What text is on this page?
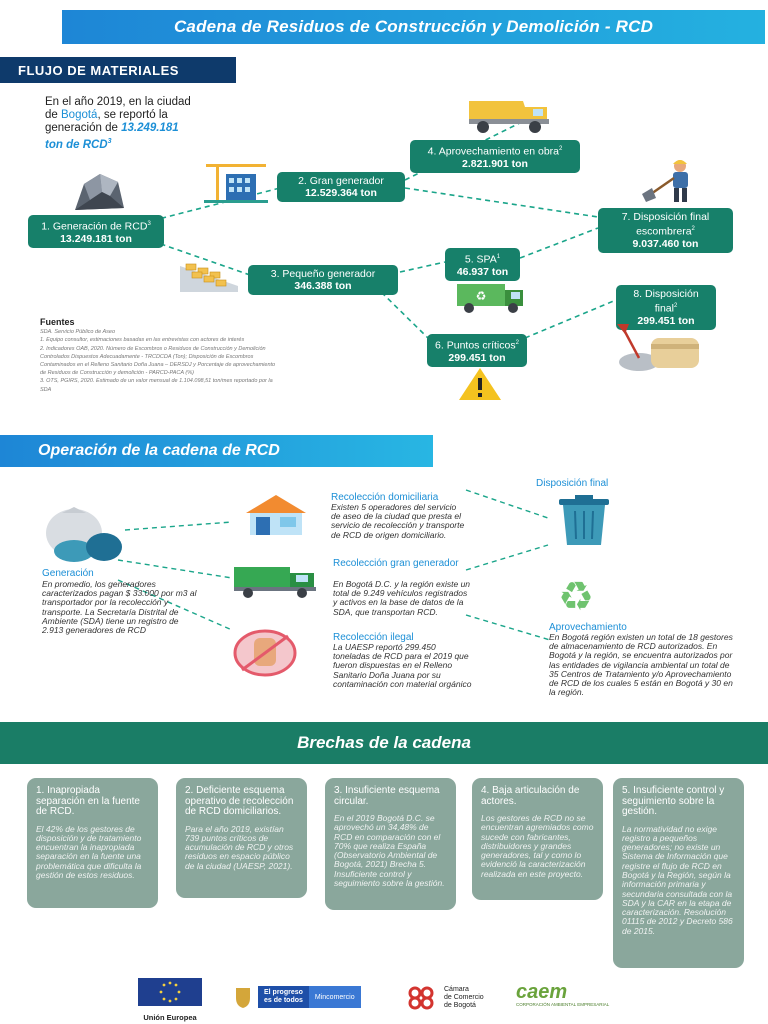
Cadena de Residuos de Construcción y Demolición - RCD
FLUJO DE MATERIALES
En el año 2019, en la ciudad de Bogotá, se reportó la generación de 13.249.181 ton de RCD$^3$
1. Generación de RCD$^3$
13.249.181 ton
2. Gran generador
12.529.364 ton
3. Pequeño generador
346.388 ton
4. Aprovechamiento en obra$^2$
2.821.901 ton
5. SPA$^1$
46.937 ton
6. Puntos críticos$^2$
299.451 ton
7. Disposición final escombrera$^2$
9.037.460 ton
8. Disposición final$^2$
299.451 ton
♻
Fuentes
SDA. Servicio Público de Aseo
1. Equipo consultor, estimaciones basadas en las entrevistas con actores de interés
2. Indicadores OAB, 2020. Número de Escombros o Residuos de Construcción y Demolición Controlados Dispuestos Adecuadamente - TRCDCDA (Ton); Disposición de Escombros Contaminados en el Relleno Sanitario Doña Juana – DERSDJ y Porcentaje de aprovechamiento de Residuos de Construcción y demolición - PARCD-PACA (%)
3. OTS, PGIRS, 2020. Estimado de un valor mensual de 1.104.098,51 ton/mes reportado por la SDA
Operación de la cadena de RCD
Generación
En promedio, los generadores caracterizados pagan $ 33.000 por m3 al transportador por la recolección y transporte. La Secretaría Distrital de Ambiente (SDA) tiene un registro de 2.913 generadores de RCD
Recolección domiciliaria
Existen 5 operadores del servicio de aseo de la ciudad que presta el servicio de recolección y transporte de RCD de origen domiciliario.
Recolección gran generador
En Bogotá D.C. y la región existe un total de 9.249 vehículos registrados y activos en la base de datos de la SDA, que transportan RCD.
Recolección ilegal
La UAESP reportó 299.450 toneladas de RCD para el 2019 que fueron dispuestas en el Relleno Sanitario Doña Juana por su contaminación con material orgánico
Disposición final
♻
Aprovechamiento
En Bogotá región existen un total de 18 gestores de almacenamiento de RCD autorizados. En Bogotá y la región, se encuentra autorizados por las entidades de vigilancia ambiental un total de 35 Centros de Tratamiento y/o Aprovechamiento de RCD de los cuales 5 están en Bogotá y 30 en la región.
Brechas de la cadena
1. Inapropiada separación en la fuente de RCD.
El 42% de los gestores de disposición y de tratamiento encuentran la inapropiada separación en la fuente una problemática que dificulta la gestión de estos residuos.
2. Deficiente esquema operativo de recolección de RCD domiciliarios.
Para el año 2019, existían 739 puntos críticos de acumulación de RCD y otros residuos en espacio público de la ciudad (UAESP, 2021).
3. Insuficiente esquema circular.
En el 2019 Bogotá D.C. se aprovechó un 34,48% de RCD en comparación con el 70% que realiza España (Observatorio Ambiental de Bogotá, 2021) Brecha 5. Insuficiente control y seguimiento sobre la gestión.
4. Baja articulación de actores.
Los gestores de RCD no se encuentran agremiados como sucede con fabricantes, distribuidores y grandes generadores, tal y como lo evidenció la caracterización realizada en este proyecto.
5. Insuficiente control y seguimiento sobre la gestión.
La normatividad no exige registro a pequeños generadores; no existe un Sistema de Información que registre el flujo de RCD en Bogotá y la Región, según la información primaria y secundaria consultada con la SDA y la CAR en la etapa de caracterización. Resolución 01115 de 2012 y Decreto 586 de 2015.
Unión Europea
El progreso
es de todos	Mincomercio
Cámara
de Comercio
de Bogotá
caem
CORPORACIÓN AMBIENTAL EMPRESARIAL
